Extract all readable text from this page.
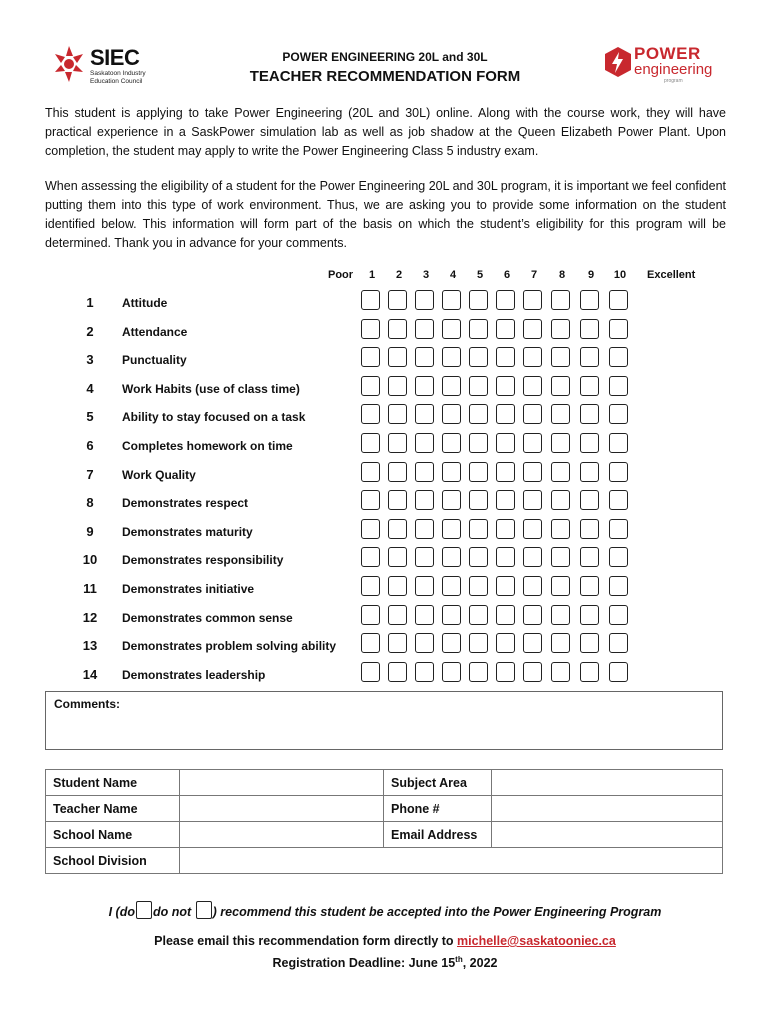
SIEC
Saskatoon Industry Education Council
POWER
engineering
program
POWER ENGINEERING 20L and 30L
TEACHER RECOMMENDATION FORM
This student is applying to take Power Engineering (20L and 30L) online. Along with the course work, they will have practical experience in a SaskPower simulation lab as well as job shadow at the Queen Elizabeth Power Plant. Upon completion, the student may apply to write the Power Engineering Class 5 industry exam.
When assessing the eligibility of a student for the Power Engineering 20L and 30L program, it is important we feel confident putting them into this type of work environment. Thus, we are asking you to provide some information on the student identified below. This information will form part of the basis on which the student’s eligibility for this program will be determined. Thank you in advance for your comments.
Poor	1	2	3	4	5	6	7	8	9	10	Excellent
1	Attitude
2	Attendance
3	Punctuality
4	Work Habits (use of class time)
5	Ability to stay focused on a task
6	Completes homework on time
7	Work Quality
8	Demonstrates respect
9	Demonstrates maturity
10	Demonstrates responsibility
11	Demonstrates initiative
12	Demonstrates common sense
13	Demonstrates problem solving ability
14	Demonstrates leadership
Comments:
Student Name		Subject Area	
Teacher Name		Phone #	
School Name		Email Address	
School Division			
I (do do not ) recommend this student be accepted into the Power Engineering Program
Please email this recommendation form directly to michelle@saskatooniec.ca
Registration Deadline: June 15th, 2022
